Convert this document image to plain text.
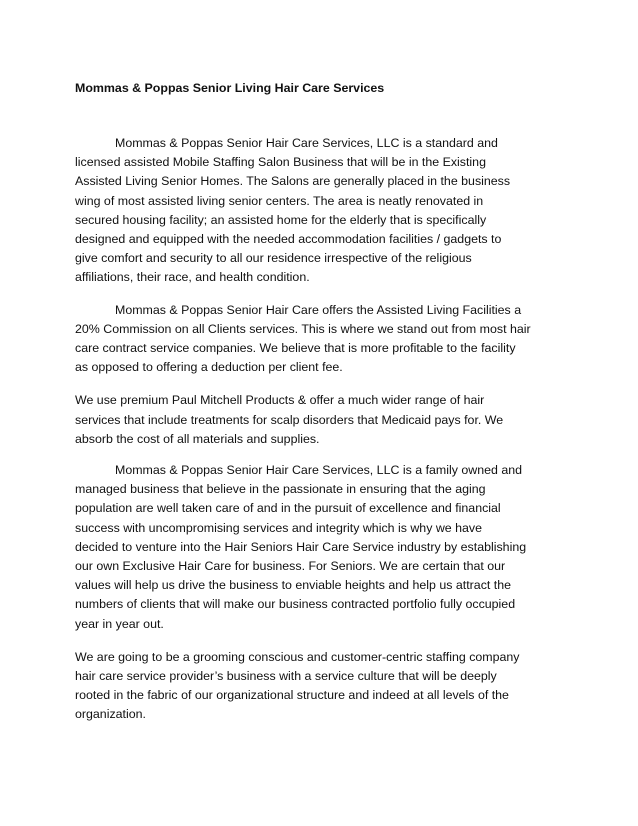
Mommas & Poppas Senior Living Hair Care Services

Mommas & Poppas Senior Hair Care Services, LLC is a standard and
licensed assisted Mobile Staffing Salon Business that will be in the Existing
Assisted Living Senior Homes. The Salons are generally placed in the business
wing of most assisted living senior centers. The area is neatly renovated in
secured housing facility; an assisted home for the elderly that is specifically
designed and equipped with the needed accommodation facilities / gadgets to
give comfort and security to all our residence irrespective of the religious
affiliations, their race, and health condition.

Mommas & Poppas Senior Hair Care offers the Assisted Living Facilities a
20% Commission on all Clients services. This is where we stand out from most hair
care contract service companies. We believe that is more profitable to the facility
as opposed to offering a deduction per client fee.

We use premium Paul Mitchell Products & offer a much wider range of hair
services that include treatments for scalp disorders that Medicaid pays for. We
absorb the cost of all materials and supplies.

Mommas & Poppas Senior Hair Care Services, LLC is a family owned and
managed business that believe in the passionate in ensuring that the aging
population are well taken care of and in the pursuit of excellence and financial
success with uncompromising services and integrity which is why we have
decided to venture into the Hair Seniors Hair Care Service industry by establishing
our own Exclusive Hair Care for business. For Seniors. We are certain that our
values will help us drive the business to enviable heights and help us attract the
numbers of clients that will make our business contracted portfolio fully occupied
year in year out.

We are going to be a grooming conscious and customer-centric staffing company
hair care service provider’s business with a service culture that will be deeply
rooted in the fabric of our organizational structure and indeed at all levels of the
organization.
